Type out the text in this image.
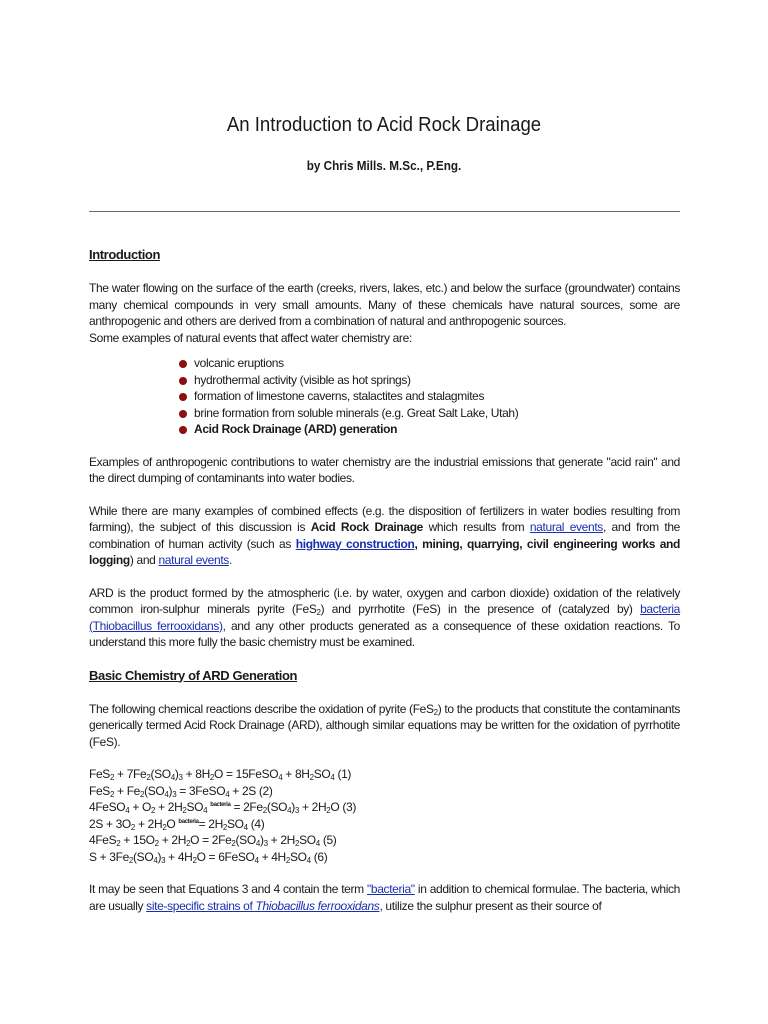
An Introduction to Acid Rock Drainage
by Chris Mills. M.Sc., P.Eng.
Introduction

The water flowing on the surface of the earth (creeks, rivers, lakes, etc.) and below the surface (groundwater) contains many chemical compounds in very small amounts. Many of these chemicals have natural sources, some are anthropogenic and others are derived from a combination of natural and anthropogenic sources.

Some examples of natural events that affect water chemistry are:
volcanic eruptions
hydrothermal activity (visible as hot springs)
formation of limestone caverns, stalactites and stalagmites
brine formation from soluble minerals (e.g. Great Salt Lake, Utah)
Acid Rock Drainage (ARD) generation

Examples of anthropogenic contributions to water chemistry are the industrial emissions that generate "acid rain" and the direct dumping of contaminants into water bodies.

While there are many examples of combined effects (e.g. the disposition of fertilizers in water bodies resulting from farming), the subject of this discussion is Acid Rock Drainage which results from natural events, and from the combination of human activity (such as highway construction, mining, quarrying, civil engineering works and logging) and natural events.

ARD is the product formed by the atmospheric (i.e. by water, oxygen and carbon dioxide) oxidation of the relatively common iron-sulphur minerals pyrite (FeS$_2$) and pyrrhotite (FeS) in the presence of (catalyzed by) bacteria (Thiobacillus ferrooxidans), and any other products generated as a consequence of these oxidation reactions. To understand this more fully the basic chemistry must be examined.

Basic Chemistry of ARD Generation

The following chemical reactions describe the oxidation of pyrite (FeS$_2$) to the products that constitute the contaminants generically termed Acid Rock Drainage (ARD), although similar equations may be written for the oxidation of pyrrhotite (FeS).

$FeS_2 + 7Fe_2(SO_4)_3 + 8H_2O$ = 15FeSO$_4$ + $8H_2SO_4$ (1)
$FeS_2 + Fe_2(SO_4)_3$ = 3FeSO$_4$ + 2S (2)
4FeSO$_4$ + $O_2 + 2H_2SO_4$ $^{bacteria} = 2Fe_2(SO_4)_3 + 2H_2O$ (3)
$2S + 3O_2 + 2H_2O$ $^{bacteria}= 2H_2SO_4$ (4)
$4FeS_2 + 15O_2 + 2H_2O = 2Fe_2(SO_4)_3 + 2H_2SO_4$ (5)
$S + 3Fe_2(SO_4)_3 + 4H_2O$ = 6FeSO$_4$ + $4H_2SO_4$ (6)

It may be seen that Equations 3 and 4 contain the term "bacteria" in addition to chemical formulae. The bacteria, which are usually site-specific strains of Thiobacillus ferrooxidans, utilize the sulphur present as their source of
